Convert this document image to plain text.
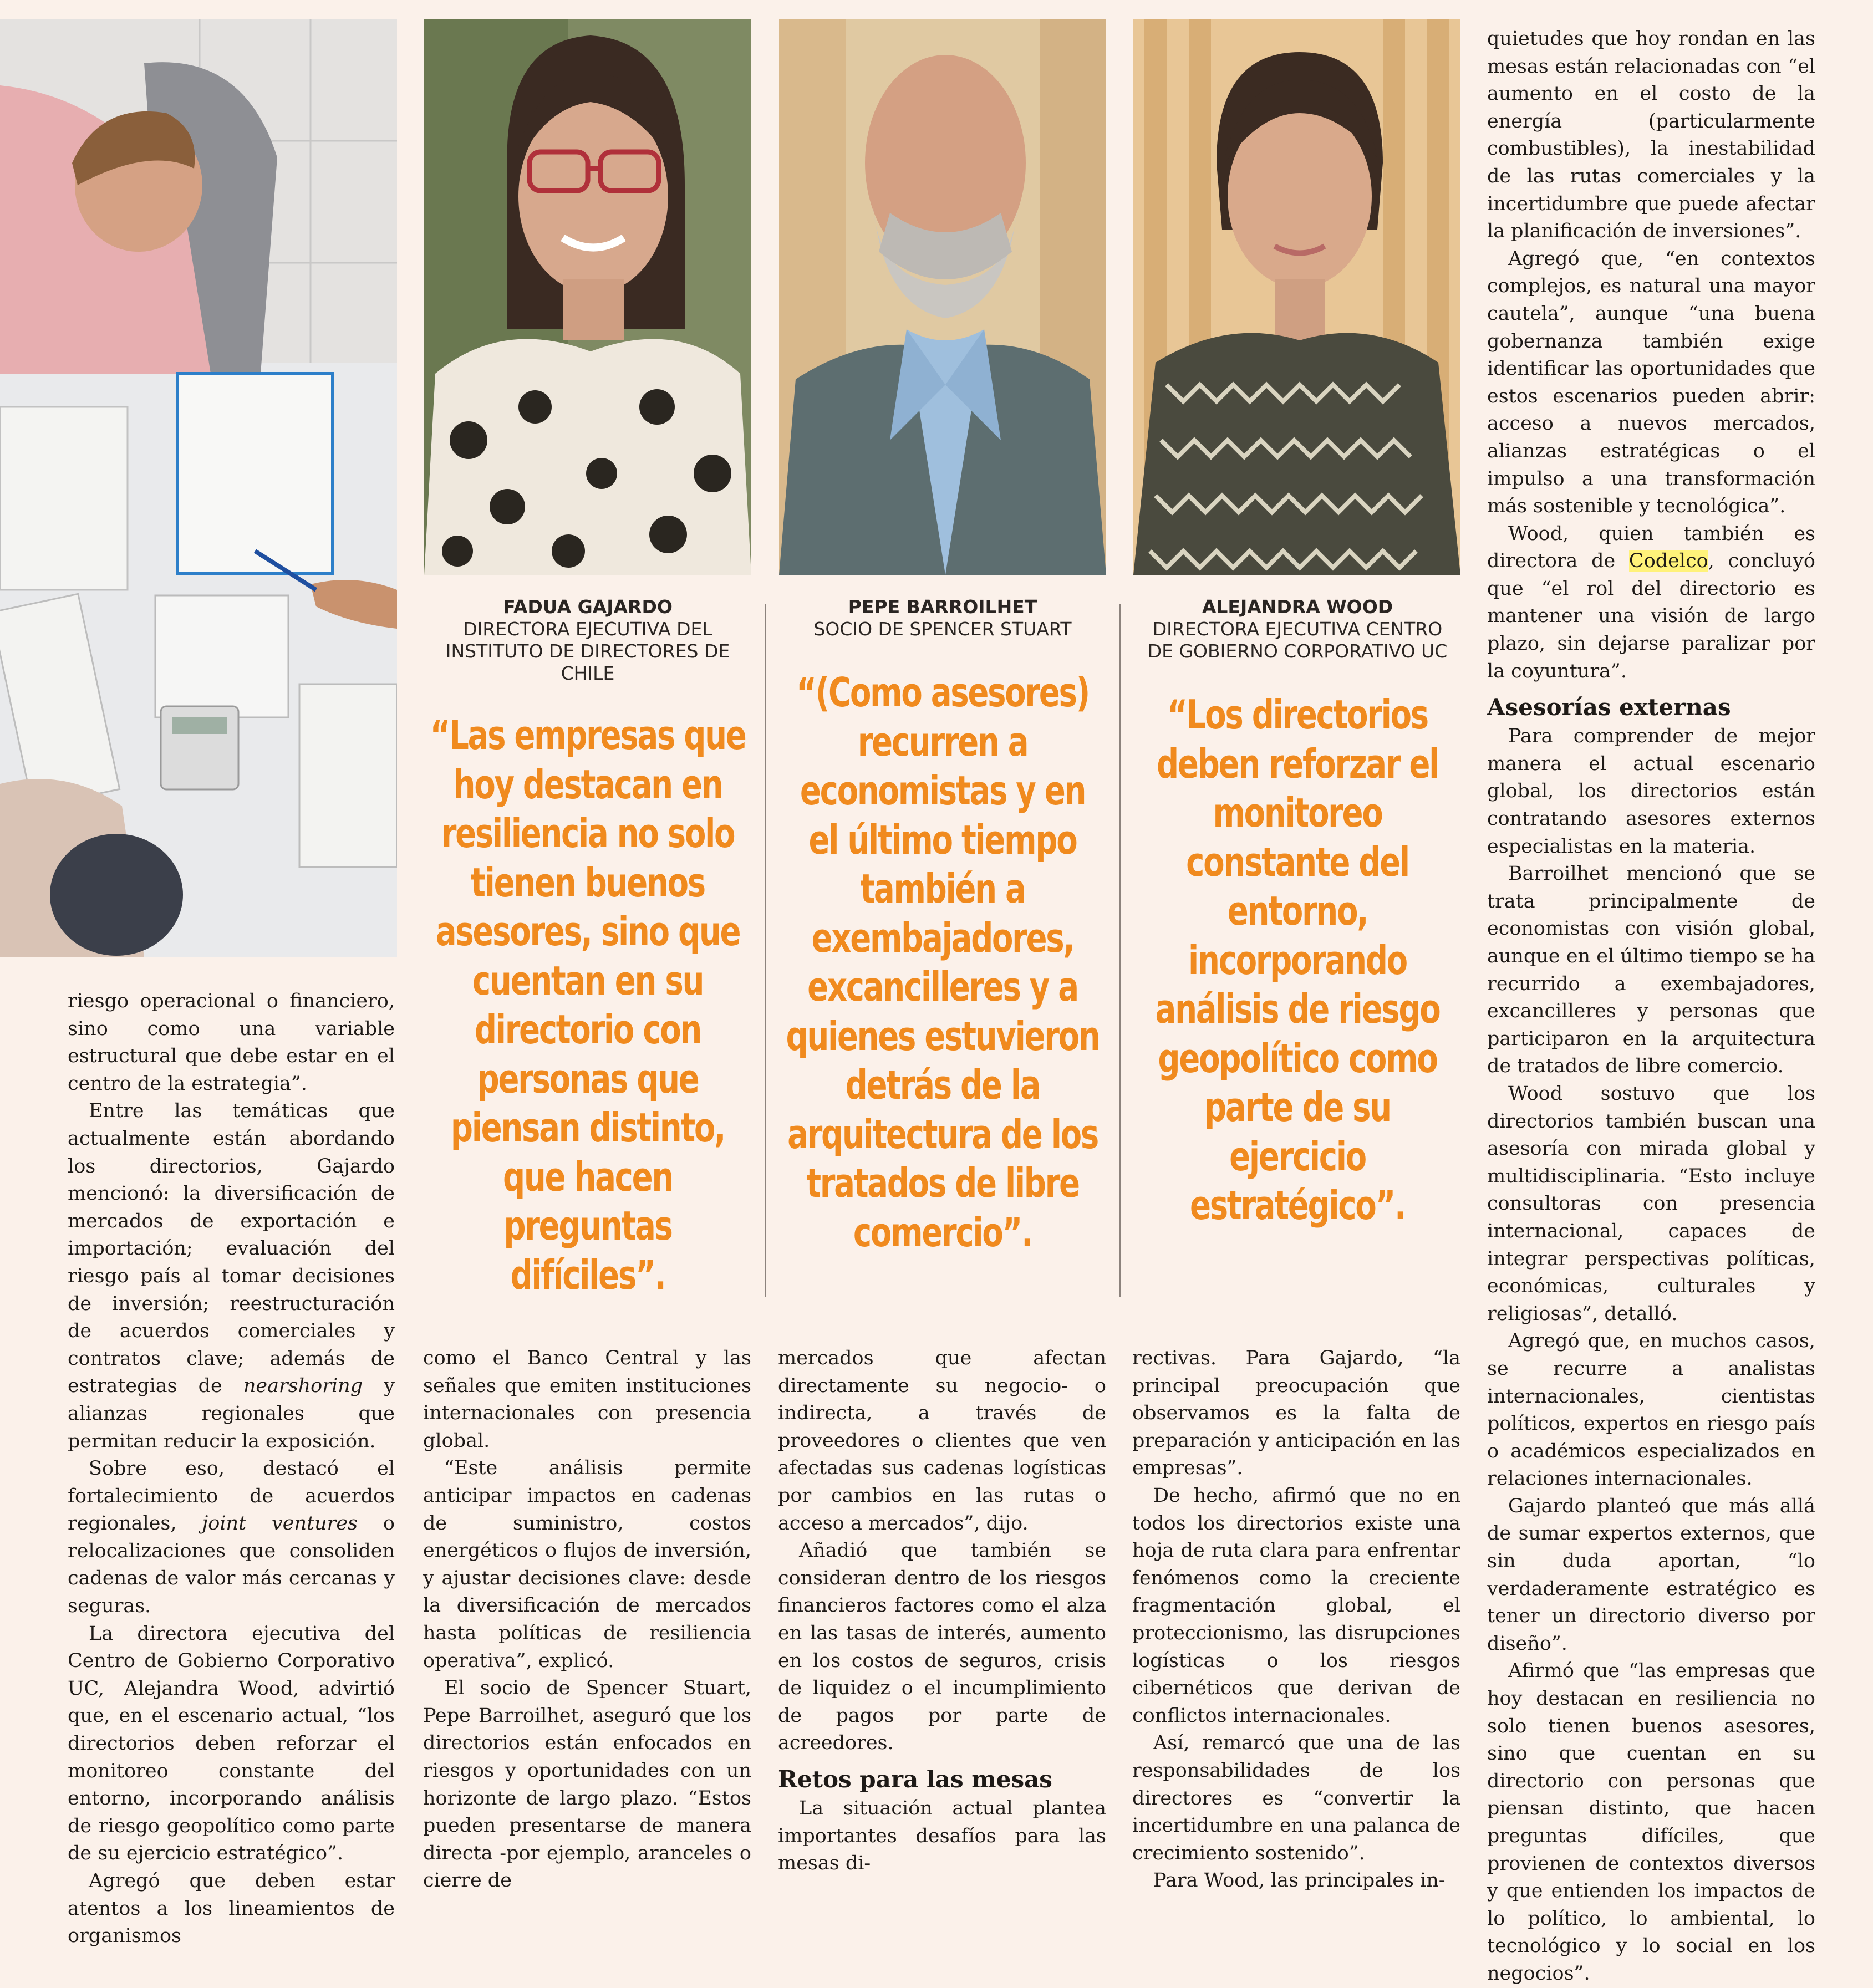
FADUA GAJARDO
DIRECTORA EJECUTIVA DEL INSTITUTO DE DIRECTORES DE CHILE
PEPE BARROILHET
SOCIO DE SPENCER STUART
ALEJANDRA WOOD
DIRECTORA EJECUTIVA CENTRO DE GOBIERNO CORPORATIVO UC
“Las empresas que hoy destacan en resiliencia no solo tienen buenos asesores, sino que cuentan en su directorio con personas que piensan distinto, que hacen preguntas difíciles”.
“(Como asesores) recurren a economistas y en el último tiempo también a exembajadores, excancilleres y a quienes estuvieron detrás de la arquitectura de los tratados de libre comercio”.
“Los directorios deben reforzar el monitoreo constante del entorno, incorporando análisis de riesgo geopolítico como parte de su ejercicio estratégico”.

riesgo operacional o financiero, sino como una variable estructural que debe estar en el centro de la estrategia”.

Entre las temáticas que actualmente están abordando los directorios, Gajardo mencionó: la diversificación de mercados de exportación e importación; evaluación del riesgo país al tomar decisiones de inversión; reestructuración de acuerdos comerciales y contratos clave; además de estrategias de nearshoring y alianzas regionales que permitan reducir la exposición.

Sobre eso, destacó el fortalecimiento de acuerdos regionales, joint ventures o relocalizaciones que consoliden cadenas de valor más cercanas y seguras.

La directora ejecutiva del Centro de Gobierno Corporativo UC, Alejandra Wood, advirtió que, en el escenario actual, “los directorios deben reforzar el monitoreo constante del entorno, incorporando análisis de riesgo geopolítico como parte de su ejercicio estratégico”.

Agregó que deben estar atentos a los lineamientos de organismos

como el Banco Central y las señales que emiten instituciones internacionales con presencia global.

“Este análisis permite anticipar impactos en cadenas de suministro, costos energéticos o flujos de inversión, y ajustar decisiones clave: desde la diversificación de mercados hasta políticas de resiliencia operativa”, explicó.

El socio de Spencer Stuart, Pepe Barroilhet, aseguró que los directorios están enfocados en riesgos y oportunidades con un horizonte de largo plazo. “Estos pueden presentarse de manera directa -por ejemplo, aranceles o cierre de

mercados que afectan directamente su negocio- o indirecta, a través de proveedores o clientes que ven afectadas sus cadenas logísticas por cambios en las rutas o acceso a mercados”, dijo.

Añadió que también se consideran dentro de los riesgos financieros factores como el alza en las tasas de interés, aumento en los costos de seguros, crisis de liquidez o el incumplimiento de pagos por parte de acreedores.

Retos para las mesas

La situación actual plantea importantes desafíos para las mesas di-

rectivas. Para Gajardo, “la principal preocupación que observamos es la falta de preparación y anticipación en las empresas”.

De hecho, afirmó que no en todos los directorios existe una hoja de ruta clara para enfrentar fenómenos como la creciente fragmentación global, el proteccionismo, las disrupciones logísticas o los riesgos cibernéticos que derivan de conflictos internacionales.

Así, remarcó que una de las responsabilidades de los directores es “convertir la incertidumbre en una palanca de crecimiento sostenido”.

Para Wood, las principales in-

quietudes que hoy rondan en las mesas están relacionadas con “el aumento en el costo de la energía (particularmente combustibles), la inestabilidad de las rutas comerciales y la incertidumbre que puede afectar la planificación de inversiones”.

Agregó que, “en contextos complejos, es natural una mayor cautela”, aunque “una buena gobernanza también exige identificar las oportunidades que estos escenarios pueden abrir: acceso a nuevos mercados, alianzas estratégicas o el impulso a una transformación más sostenible y tecnológica”.

Wood, quien también es directora de Codelco, concluyó que “el rol del directorio es mantener una visión de largo plazo, sin dejarse paralizar por la coyuntura”.

Asesorías externas

Para comprender de mejor manera el actual escenario global, los directorios están contratando asesores externos especialistas en la materia.

Barroilhet mencionó que se trata principalmente de economistas con visión global, aunque en el último tiempo se ha recurrido a exembajadores, excancilleres y personas que participaron en la arquitectura de tratados de libre comercio.

Wood sostuvo que los directorios también buscan una asesoría con mirada global y multidisciplinaria. “Esto incluye consultoras con presencia internacional, capaces de integrar perspectivas políticas, económicas, culturales y religiosas”, detalló.

Agregó que, en muchos casos, se recurre a analistas internacionales, cientistas políticos, expertos en riesgo país o académicos especializados en relaciones internacionales.

Gajardo planteó que más allá de sumar expertos externos, que sin duda aportan, “lo verdaderamente estratégico es tener un directorio diverso por diseño”.

Afirmó que “las empresas que hoy destacan en resiliencia no solo tienen buenos asesores, sino que cuentan en su directorio con personas que piensan distinto, que hacen preguntas difíciles, que provienen de contextos diversos y que entienden los impactos de lo político, lo ambiental, lo tecnológico y lo social en los negocios”.
